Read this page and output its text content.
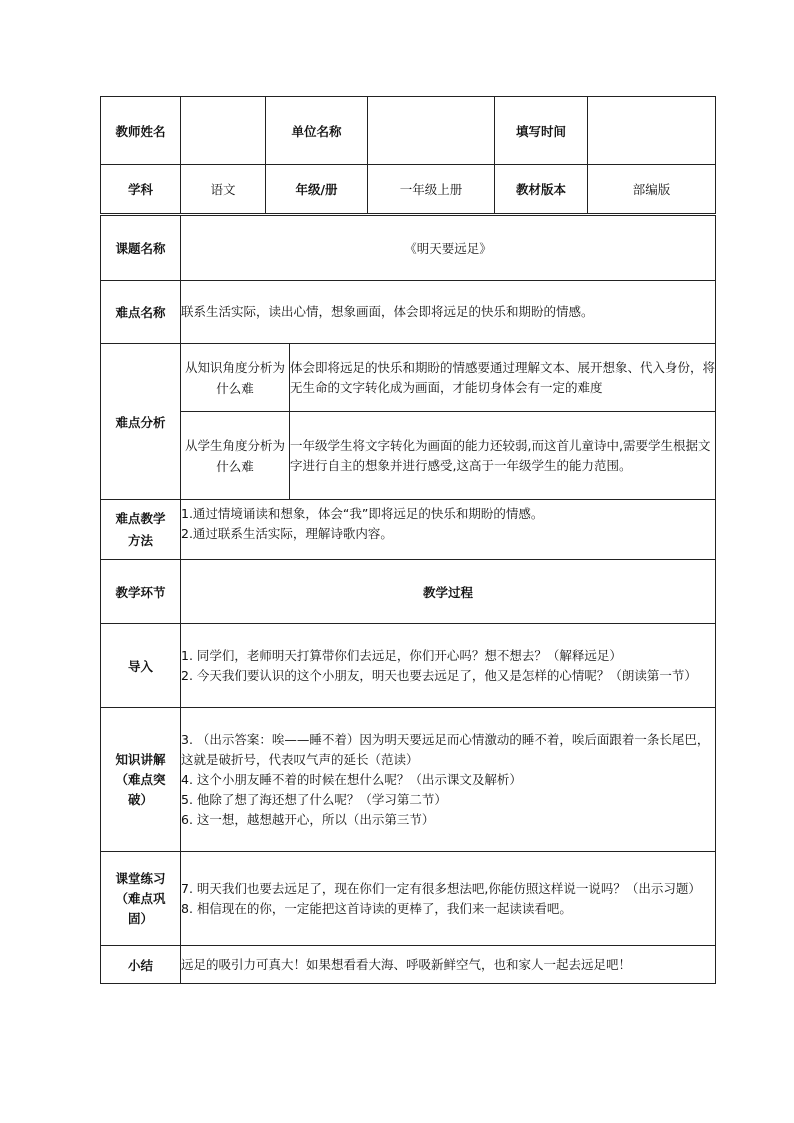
教师姓名		单位名称			填写时间	
学科	语文	年级/册		一年级上册	教材版本	部编版
课题名称	《明天要远足》					
难点名称	联系生活实际，读出心情，想象画面，体会即将远足的快乐和期盼的情感。					
难点分析	从知识角度分析为什么难		体会即将远足的快乐和期盼的情感要通过理解文本、展开想象、代入身份，将无生命的文字转化成为画面，才能切身体会有一定的难度			
	从学生角度分析为什么难		一年级学生将文字转化为画面的能力还较弱,而这首儿童诗中,需要学生根据文字进行自主的想象并进行感受,这高于一年级学生的能力范围。			
难点教学方法	1.通过情境诵读和想象，体会“我”即将远足的快乐和期盼的情感。
2.通过联系生活实际，理解诗歌内容。					

教学环节	教学过程					
导入	1. 同学们，老师明天打算带你们去远足，你们开心吗？想不想去？（解释远足）
2. 今天我们要认识的这个小朋友，明天也要去远足了，他又是怎样的心情呢？（朗读第一节）					

知识讲解（难点突破）	3. （出示答案：唉——睡不着）因为明天要远足而心情激动的睡不着，唉后面跟着一条长尾巴，这就是破折号，代表叹气声的延长（范读）
4. 这个小朋友睡不着的时候在想什么呢？（出示课文及解析）
5. 他除了想了海还想了什么呢？（学习第二节）
6. 这一想，越想越开心，所以（出示第三节）					

课堂练习（难点巩固）	7. 明天我们也要去远足了，现在你们一定有很多想法吧,你能仿照这样说一说吗？（出示习题）
8. 相信现在的你，一定能把这首诗读的更棒了，我们来一起读读看吧。					

小结	远足的吸引力可真大！如果想看看大海、呼吸新鲜空气，也和家人一起去远足吧！					
